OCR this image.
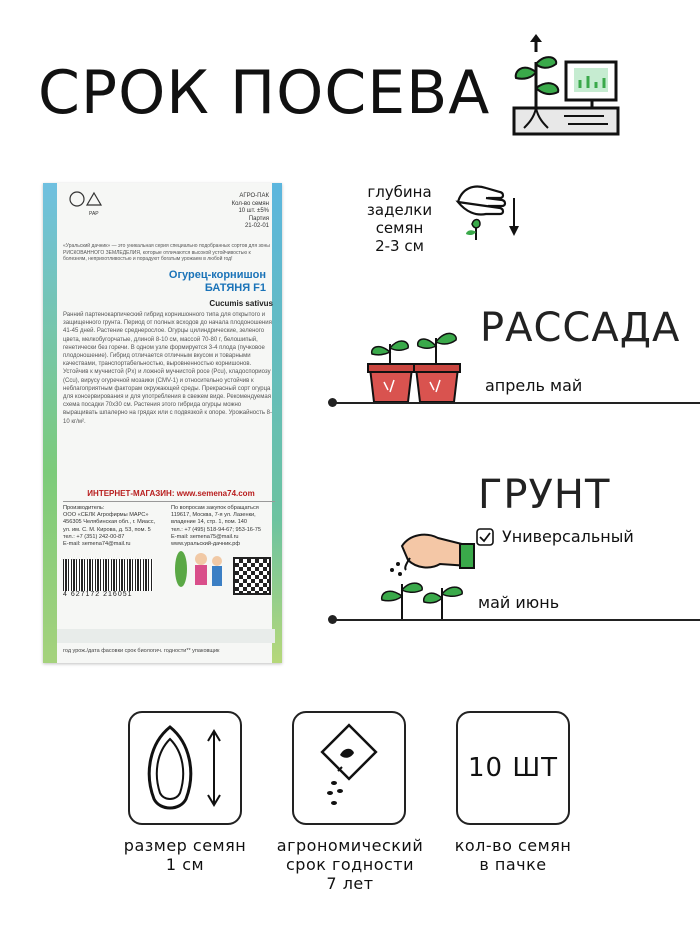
СРОК ПОСЕВА
PAP
АГРО-ПАК
Кол-во семян
10 шт. ±5%
Партия
21-02-01
«Уральский дачник» — это уникальная серия специально подобранных сортов для зоны РИСКОВАННОГО ЗЕМЛЕДЕЛИЯ, которые отличаются высокой устойчивостью к болезням, неприхотливостью и порадуют богатым урожаем в любой год!
Огурец-корнишон
БАТЯНЯ F1
Cucumis sativus
Ранний партенокарпический гибрид корнишонного типа для открытого и защищенного грунта. Период от полных всходов до начала плодоношения 41-45 дней. Растение среднерослое. Огурцы цилиндрические, зеленого цвета, мелкобугорчатые, длиной 8-10 см, массой 70-80 г, белошипый, генетически без горечи. В одном узле формируется 3-4 плода (пучковое плодоношение). Гибрид отличается отличным вкусом и товарными качествами, транспортабельностью, выровненностью корнишонов. Устойчив к мучнистой (Рх) и ложной мучнистой росе (Рcu), кладоспориозу (Ccu), вирусу огуречной мозаики (CMV-1) и относительно устойчив к неблагоприятным факторам окружающей среды. Прекрасный сорт огурца для консервирования и для употребления в свежем виде. Рекомендуемая схема посадки 70x30 см. Растения этого гибрида огурцы можно выращивать шпалерно на грядах или с подвязкой к опоре. Урожайность 8-10 кг/м².
ИНТЕРНЕТ-МАГАЗИН: www.semena74.com
Производитель:
ООО «СЕЛК Агрофирмы МАРС»
456305 Челябинская обл., г. Миасс,
ул. им. С. М. Кирова, д. 53, пом. 5
тел.: +7 (351) 242-00-87
E-mail: semena74@mail.ru
По вопросам закупок обращаться
119617, Москва, 7-я ул. Лазенки,
владение 14, стр. 1, пом. 140
тел.: +7 (495) 518-94-67; 953-16-75
E-mail: semena75@mail.ru
www.уральский-дачник.рф
4 627172 216051
год урож./дата фасовки срок биологич. годности** упаковщик
глубина
заделки
семян
2-3 см
РАССАДА
апрель май
ГРУНТ
Универсальный
май июнь
10 ШТ
размер семян
1 см
агрономический
срок годности
7 лет
кол-во семян
в пачке
